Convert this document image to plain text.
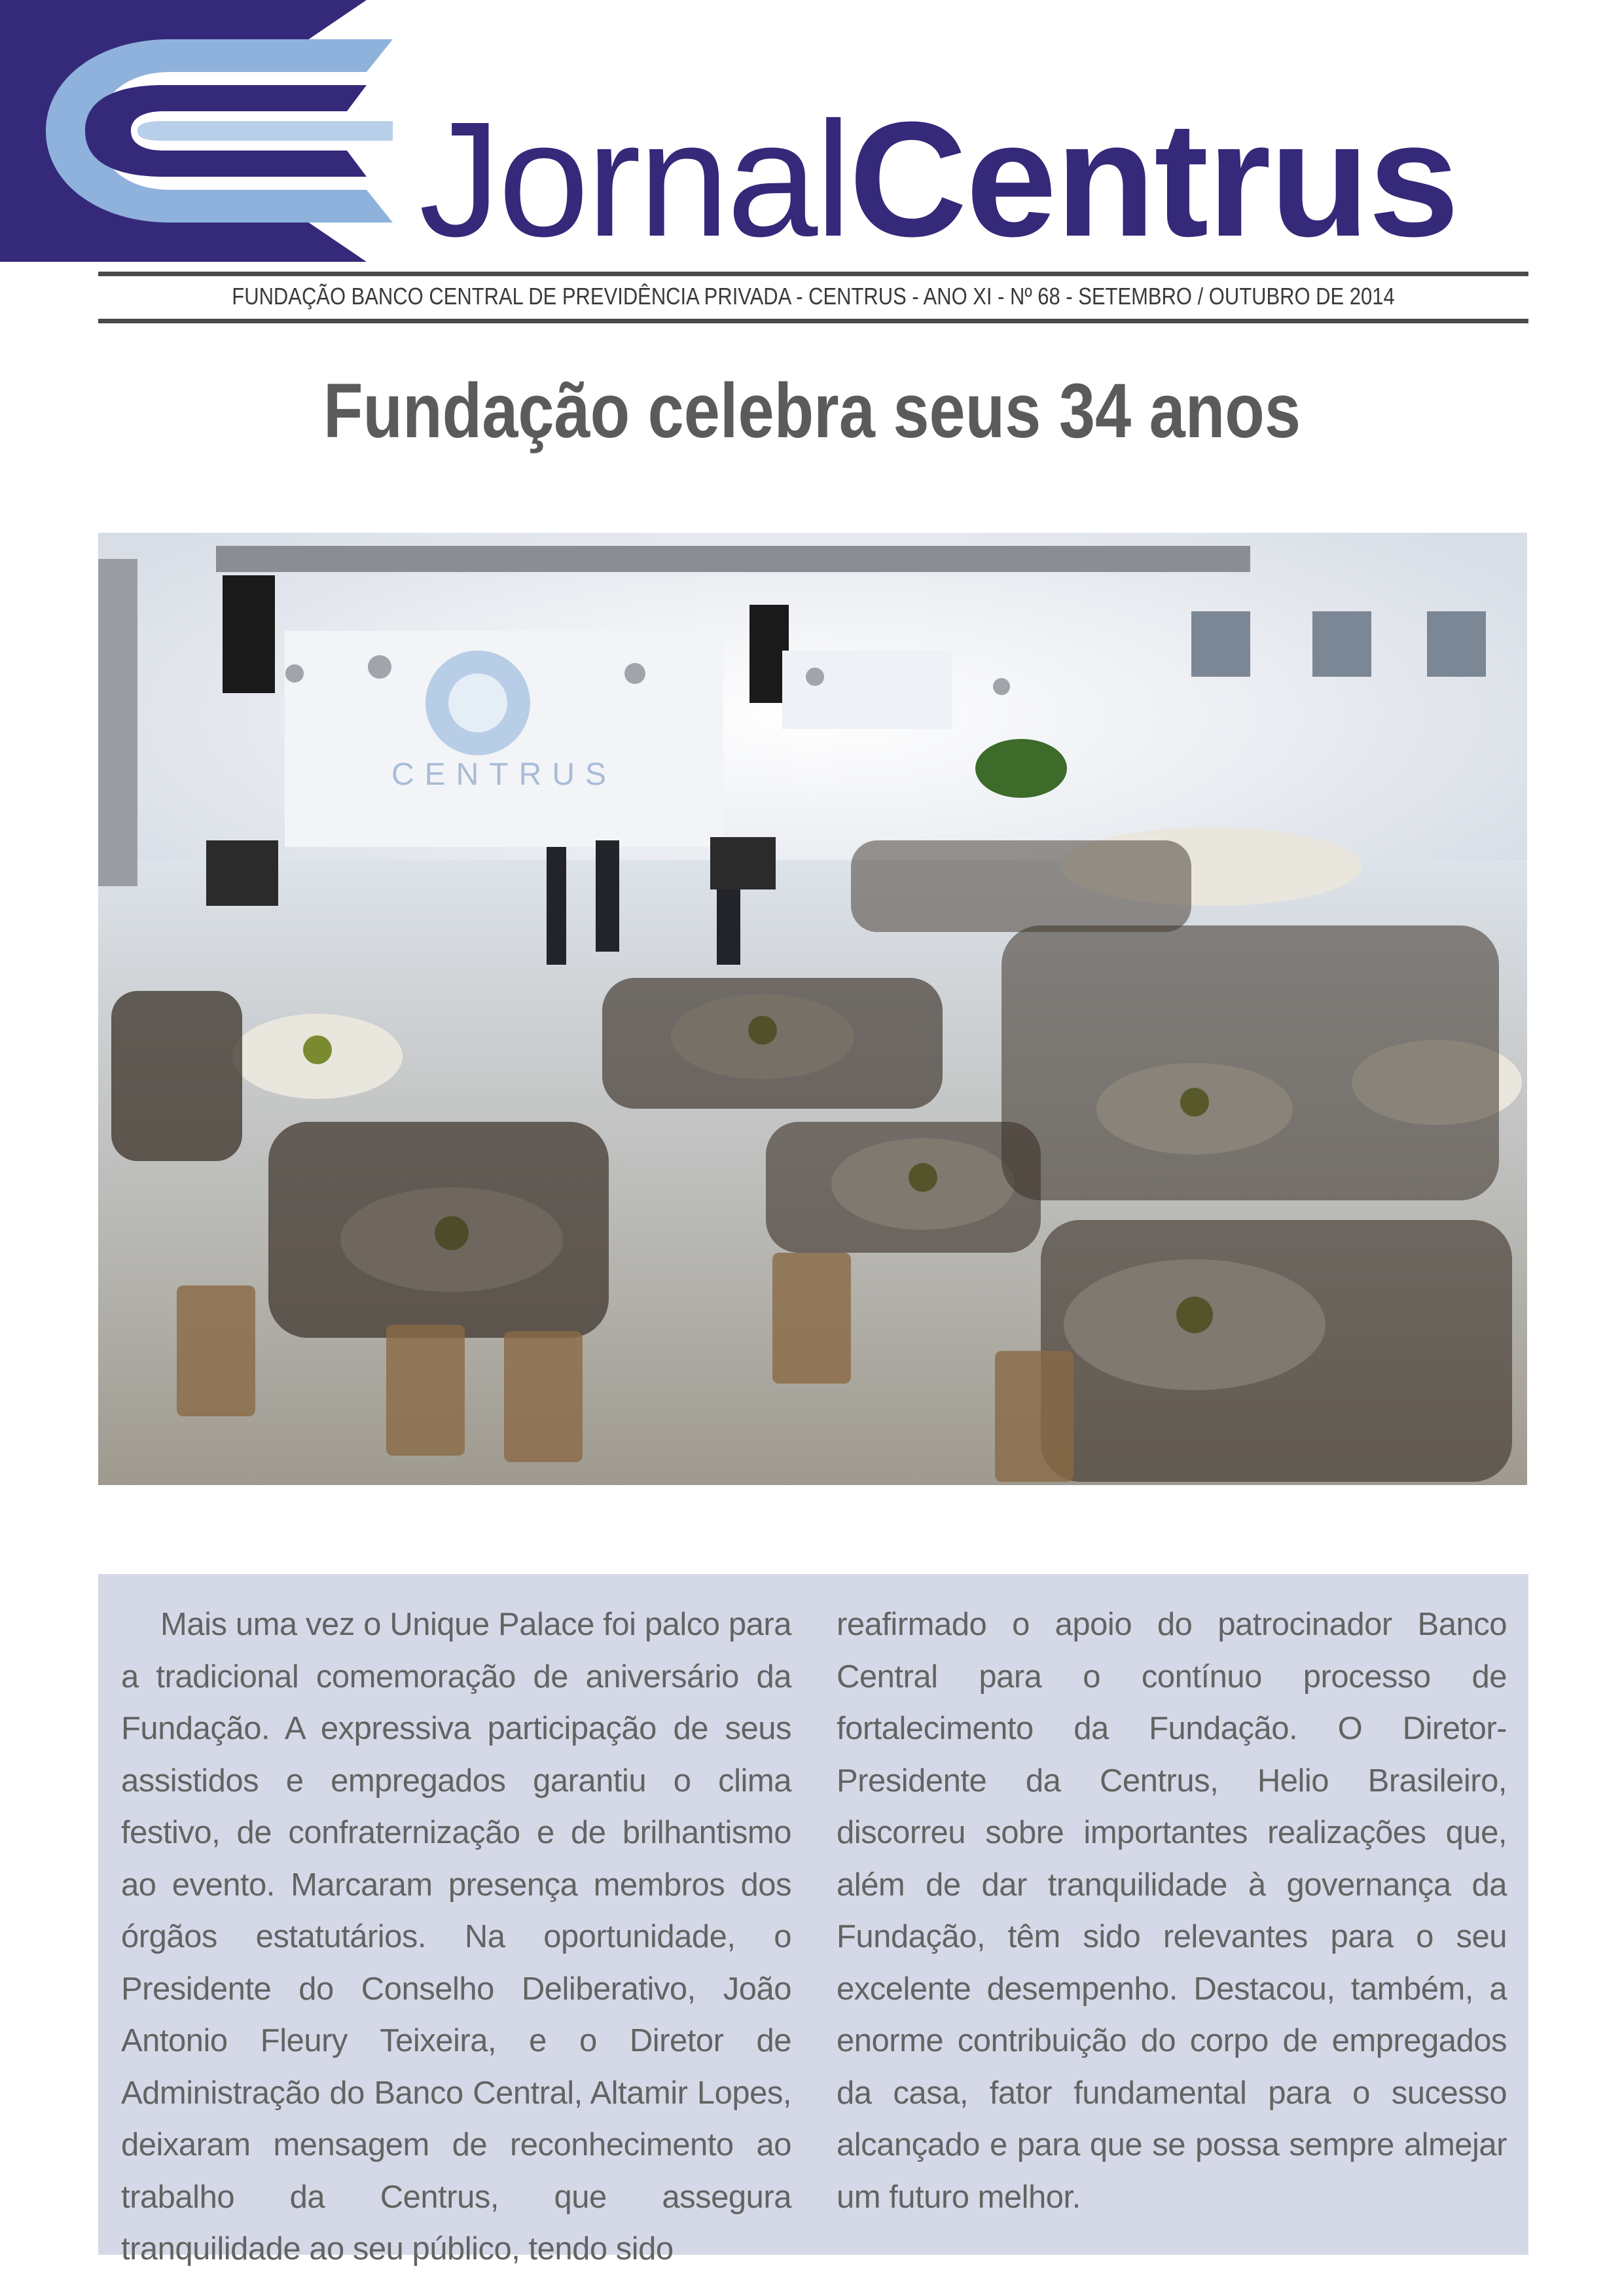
JornalCentrus
FUNDAÇÃO BANCO CENTRAL DE PREVIDÊNCIA PRIVADA - CENTRUS - ANO XI - Nº 68 - SETEMBRO / OUTUBRO DE 2014
Fundação celebra seus 34 anos
CENTRUS
Mais uma vez o Unique Palace foi palco para a tradicional comemoração de aniversário da Fundação. A expressiva participação de seus assistidos e empregados garantiu o clima festivo, de confraternização e de brilhantismo ao evento. Marcaram presença membros dos órgãos estatutários. Na oportunidade, o Presidente do Conselho Deliberativo, João Antonio Fleury Teixeira, e o Diretor de Administração do Banco Central, Altamir Lopes, deixaram mensagem de reconhecimento ao trabalho da Centrus, que assegura tranquilidade ao seu público, tendo sido
reafirmado o apoio do patrocinador Banco Central para o contínuo processo de fortalecimento da Fundação. O Diretor-Presidente da Centrus, Helio Brasileiro, discorreu sobre importantes realizações que, além de dar tranquilidade à governança da Fundação, têm sido relevantes para o seu excelente desempenho. Destacou, também, a enorme contribuição do corpo de empregados da casa, fator fundamental para o sucesso alcançado e para que se possa sempre almejar um futuro melhor.
